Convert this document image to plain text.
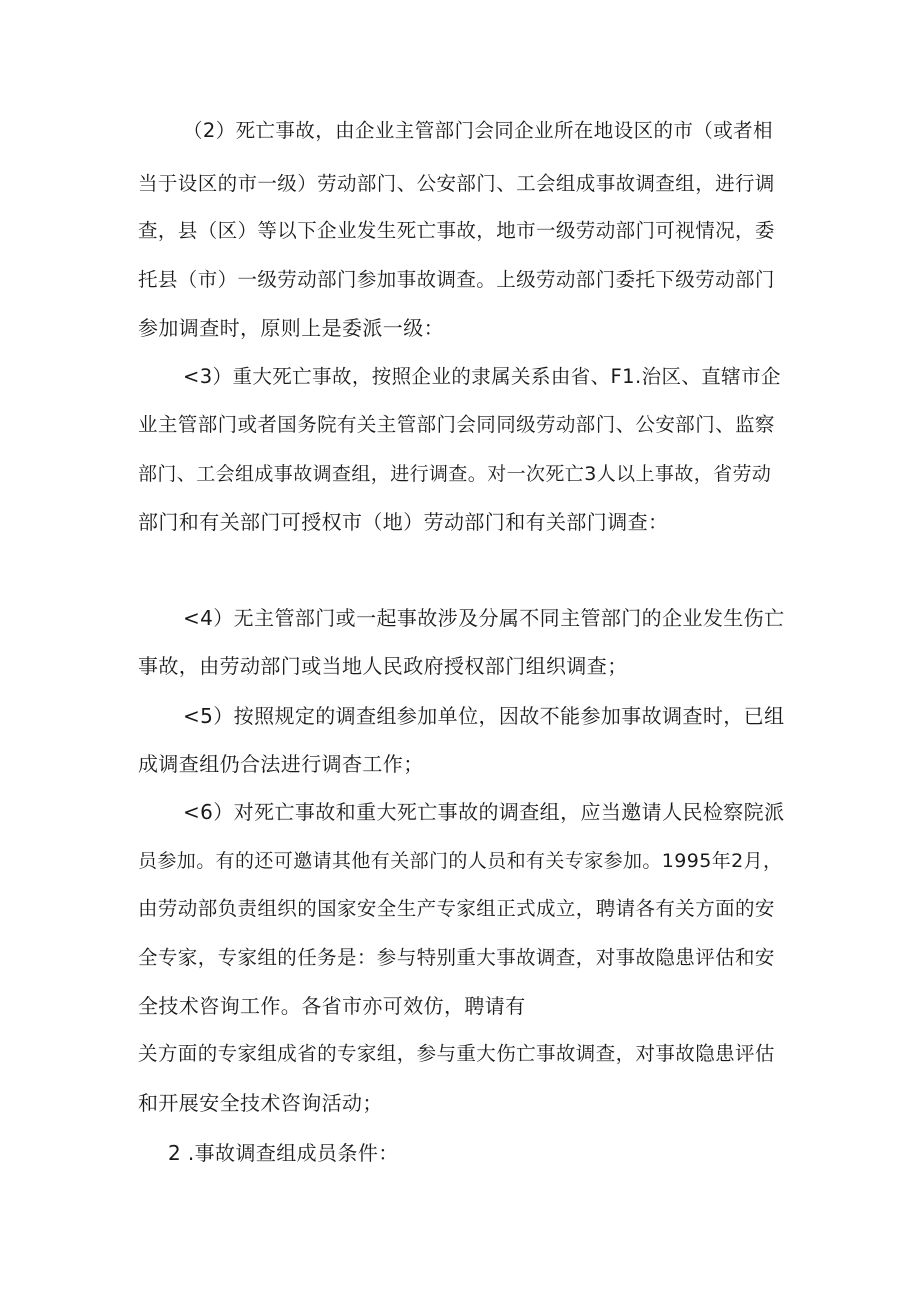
（2）死亡事故，由企业主管部门会同企业所在地设区的市（或者相
当于设区的市一级）劳动部门、公安部门、工会组成事故调查组，进行调
查，县（区）等以下企业发生死亡事故，地市一级劳动部门可视情况，委
托县（市）一级劳动部门参加事故调查。上级劳动部门委托下级劳动部门
参加调查时，原则上是委派一级：
<3）重大死亡事故，按照企业的隶属关系由省、F1.治区、直辖市企
业主管部门或者国务院有关主管部门会同同级劳动部门、公安部门、监察
部门、工会组成事故调查组，进行调查。对一次死亡3人以上事故，省劳动
部门和有关部门可授权市（地）劳动部门和有关部门调查：
<4）无主管部门或一起事故涉及分属不同主管部门的企业发生伤亡
事故，由劳动部门或当地人民政府授权部门组织调查；
<5）按照规定的调查组参加单位，因故不能参加事故调查时，已组
成调查组仍合法进行调杳工作；
<6）对死亡事故和重大死亡事故的调查组，应当邀请人民检察院派
员参加。有的还可邀请其他有关部门的人员和有关专家参加。1995年2月，
由劳动部负责组织的国家安全生产专家组正式成立，聘请各有关方面的安
全专家，专家组的任务是：参与特别重大事故调查，对事故隐患评估和安
全技术咨询工作。各省市亦可效仿，聘请有
关方面的专家组成省的专家组，参与重大伤亡事故调查，对事故隐患评估
和开展安全技术咨询活动；
2 .事故调查组成员条件：
